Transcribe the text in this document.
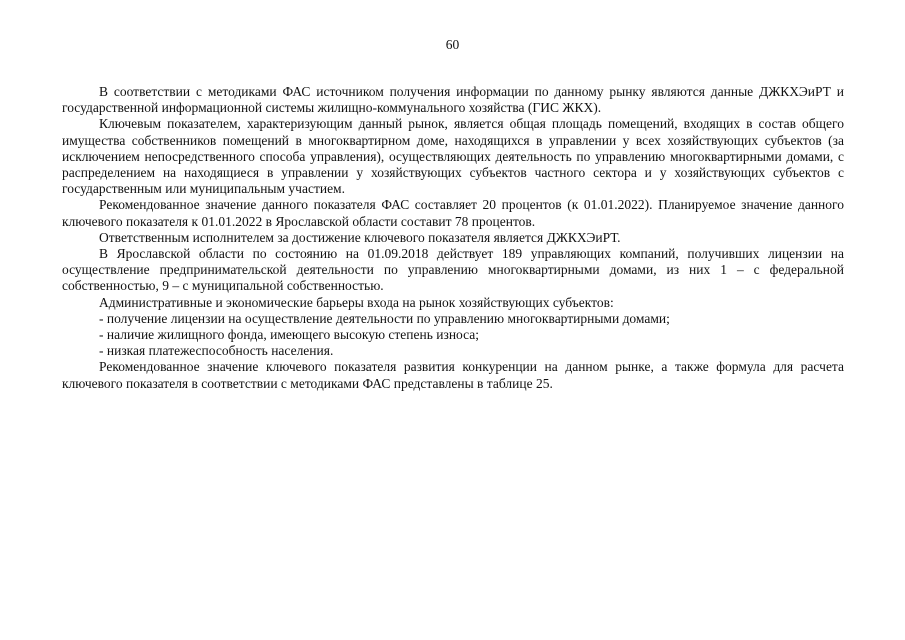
60

В соответствии с методиками ФАС источником получения информации по данному рынку являются данные ДЖКХЭиРТ и государственной информационной системы жилищно-коммунального хозяйства (ГИС ЖКХ).

Ключевым показателем, характеризующим данный рынок, является общая площадь помещений, входящих в состав общего имущества собственников помещений в многоквартирном доме, находящихся в управлении у всех хозяйствующих субъектов (за исключением непосредственного способа управления), осуществляющих деятельность по управлению многоквартирными домами, с распределением на находящиеся в управлении у хозяйствующих субъектов частного сектора и у хозяйствующих субъектов с государственным или муниципальным участием.

Рекомендованное значение данного показателя ФАС составляет 20 процентов (к 01.01.2022). Планируемое значение данного ключевого показателя к 01.01.2022 в Ярославской области составит 78 процентов.

Ответственным исполнителем за достижение ключевого показателя является ДЖКХЭиРТ.

В Ярославской области по состоянию на 01.09.2018 действует 189 управляющих компаний, получивших лицензии на осуществление предпринимательской деятельности по управлению многоквартирными домами, из них 1 – с федеральной собственностью, 9 – с муниципальной собственностью.

Административные и экономические барьеры входа на рынок хозяйствующих субъектов:

- получение лицензии на осуществление деятельности по управлению многоквартирными домами;

- наличие жилищного фонда, имеющего высокую степень износа;

- низкая платежеспособность населения.

Рекомендованное значение ключевого показателя развития конкуренции на данном рынке, а также формула для расчета ключевого показателя в соответствии с методиками ФАС представлены в таблице 25.
